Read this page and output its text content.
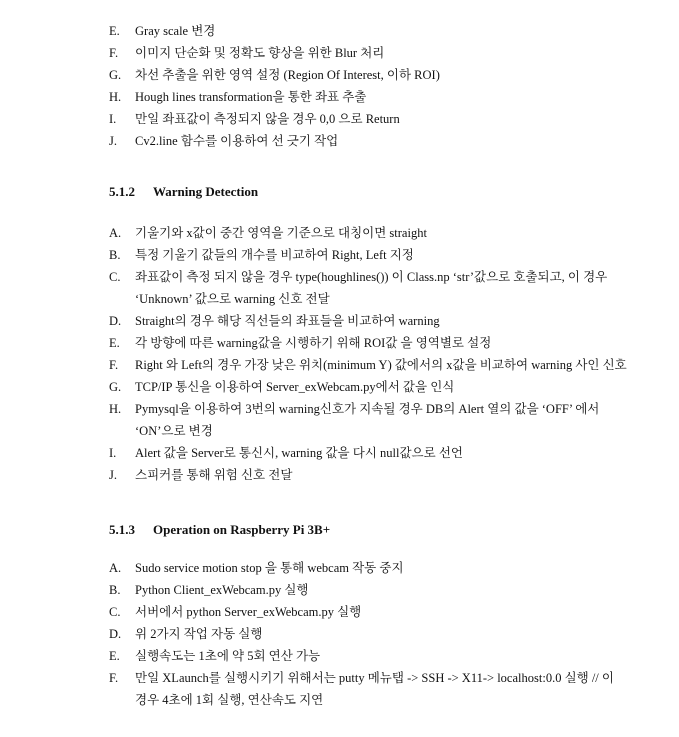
E.	Gray scale 변경
F.	이미지 단순화 및 정확도 향상을 위한 Blur 처리
G.	차선 추출을 위한 영역 설정 (Region Of Interest, 이하 ROI)
H.	Hough lines transformation을 통한 좌표 추출
I.	만일 좌표값이 측정되지 않을 경우 0,0 으로 Return
J.	Cv2.line 함수를 이용하여 선 긋기 작업
5.1.2 Warning Detection
A.	기울기와 x값이 중간 영역을 기준으로 대칭이면 straight
B.	특정 기울기 값들의 개수를 비교하여 Right, Left 지정
C.	좌표값이 측정 되지 않을 경우 type(houghlines()) 이 Class.np ‘str’값으로 호출되고, 이 경우 ‘Unknown’ 값으로 warning 신호 전달
D.	Straight의 경우 해당 직선들의 좌표들을 비교하여 warning
E.	각 방향에 따른 warning값을 시행하기 위해 ROI값 을 영역별로 설정
F.	Right 와 Left의 경우 가장 낮은 위치(minimum Y) 값에서의 x값을 비교하여 warning 사인 신호
G.	TCP/IP 통신을 이용하여 Server_exWebcam.py에서 값을 인식
H.	Pymysql을 이용하여 3번의 warning신호가 지속될 경우 DB의 Alert 열의 값을 ‘OFF’ 에서 ‘ON’으로 변경
I.	Alert 값을 Server로 통신시, warning 값을 다시 null값으로 선언
J.	스피커를 통해 위험 신호 전달
5.1.3 Operation on Raspberry Pi 3B+
A.	Sudo service motion stop 을 통해 webcam 작동 중지
B.	Python Client_exWebcam.py 실행
C.	서버에서 python Server_exWebcam.py 실행
D.	위 2가지 작업 자동 실행
E.	실행속도는 1초에 약 5회 연산 가능
F.	만일 XLaunch를 실행시키기 위해서는 putty 메뉴탭 -> SSH -> X11-> localhost:0.0 실행 // 이 경우 4초에 1회 실행, 연산속도 지연
